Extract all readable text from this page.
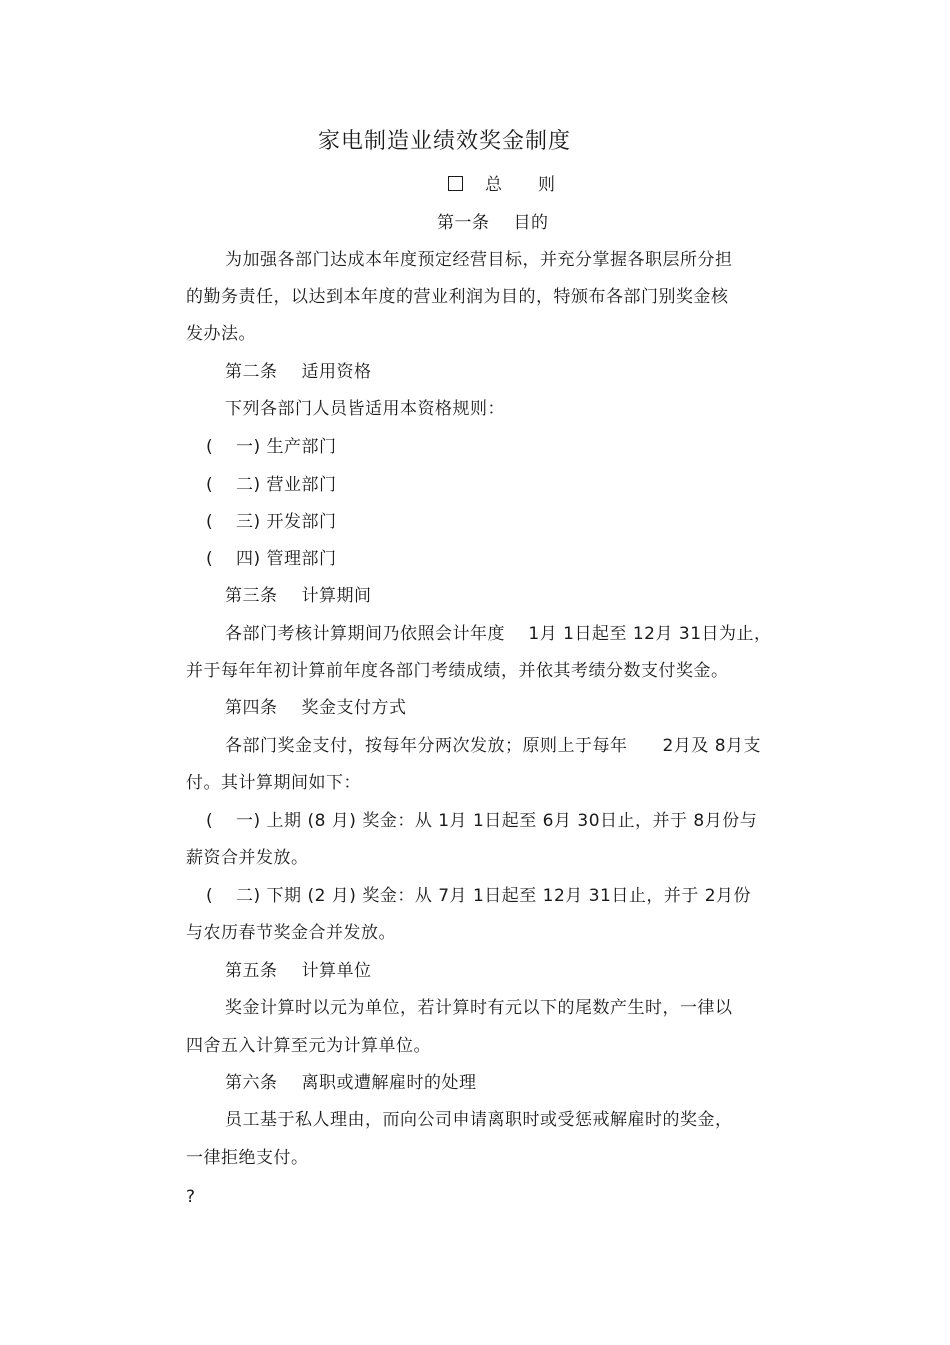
家电制造业绩效奖金制度
总 则
第一条 目的
为加强各部门达成本年度预定经营目标，并充分掌握各职层所分担
的勤务责任，以达到本年度的营业利润为目的，特颁布各部门别奖金核
发办法。
第二条 适用资格
下列各部门人员皆适用本资格规则：
( 一) 生产部门
( 二) 营业部门
( 三) 开发部门
( 四) 管理部门
第三条 计算期间
各部门考核计算期间乃依照会计年度　 1月 1日起至 12月 31日为止，
并于每年年初计算前年度各部门考绩成绩，并依其考绩分数支付奖金。
第四条 奖金支付方式
各部门奖金支付，按每年分两次发放；原则上于每年　　2月及 8月支
付。其计算期间如下：
( 一) 上期 (8 月) 奖金：从 1月 1日起至 6月 30日止，并于 8月份与
薪资合并发放。
( 二) 下期 (2 月) 奖金：从 7月 1日起至 12月 31日止，并于 2月份
与农历春节奖金合并发放。
第五条 计算单位
奖金计算时以元为单位，若计算时有元以下的尾数产生时，一律以
四舍五入计算至元为计算单位。
第六条 离职或遭解雇时的处理
员工基于私人理由，而向公司申请离职时或受惩戒解雇时的奖金，
一律拒绝支付。
?
